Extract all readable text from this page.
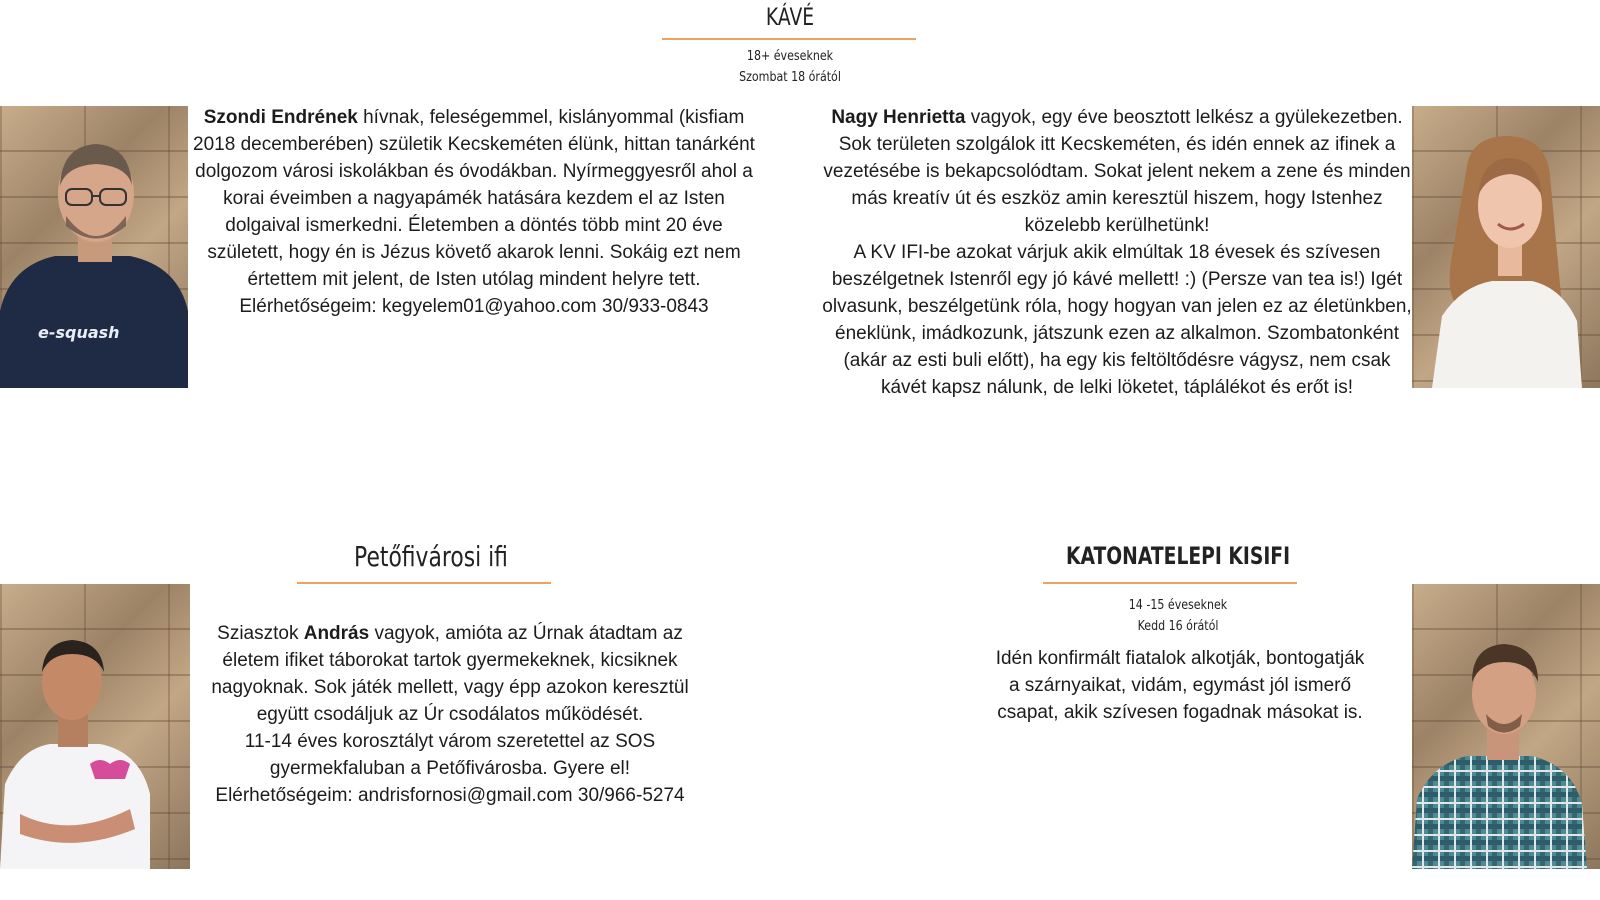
KÁVÉ
18+ éveseknek
Szombat 18 órától
e-squash

Szondi Endrének hívnak, feleségemmel, kislányommal (kisfiam 2018 decemberében) születik Kecskeméten élünk, hittan tanárként dolgozom városi iskolákban és óvodákban. Nyírmeggyesről ahol a korai éveimben a nagyapámék hatására kezdem el az Isten dolgaival ismerkedni. Életemben a döntés több mint 20 éve született, hogy én is Jézus követő akarok lenni. Sokáig ezt nem értettem mit jelent, de Isten utólag mindent helyre tett.

Elérhetőségeim: kegyelem01@yahoo.com 30/933-0843

Nagy Henrietta vagyok, egy éve beosztott lelkész a gyülekezetben. Sok területen szolgálok itt Kecskeméten, és idén ennek az ifinek a vezetésébe is bekapcsolódtam. Sokat jelent nekem a zene és minden más kreatív út és eszköz amin keresztül hiszem, hogy Istenhez közelebb kerülhetünk!

A KV IFI-be azokat várjuk akik elmúltak 18 évesek és szívesen beszélgetnek Istenről egy jó kávé mellett! :) (Persze van tea is!) Igét olvasunk, beszélgetünk róla, hogy hogyan van jelen ez az életünkben, éneklünk, imádkozunk, játszunk ezen az alkalmon. Szombatonként (akár az esti buli előtt), ha egy kis feltöltődésre vágysz, nem csak kávét kapsz nálunk, de lelki löketet, táplálékot és erőt is!

Petőfivárosi ifi

Sziasztok András vagyok, amióta az Úrnak átadtam az életem ifiket táborokat tartok gyermekeknek, kicsiknek nagyoknak. Sok játék mellett, vagy épp azokon keresztül együtt csodáljuk az Úr csodálatos működését.

11-14 éves korosztályt várom szeretettel az SOS gyermekfaluban a Petőfivárosba. Gyere el!

Elérhetőségeim: andrisfornosi@gmail.com 30/966-5274

KATONATELEPI KISIFI
14 -15 éveseknek
Kedd 16 órától

Idén konfirmált fiatalok alkotják, bontogatják a szárnyaikat, vidám, egymást jól ismerő csapat, akik szívesen fogadnak másokat is.
